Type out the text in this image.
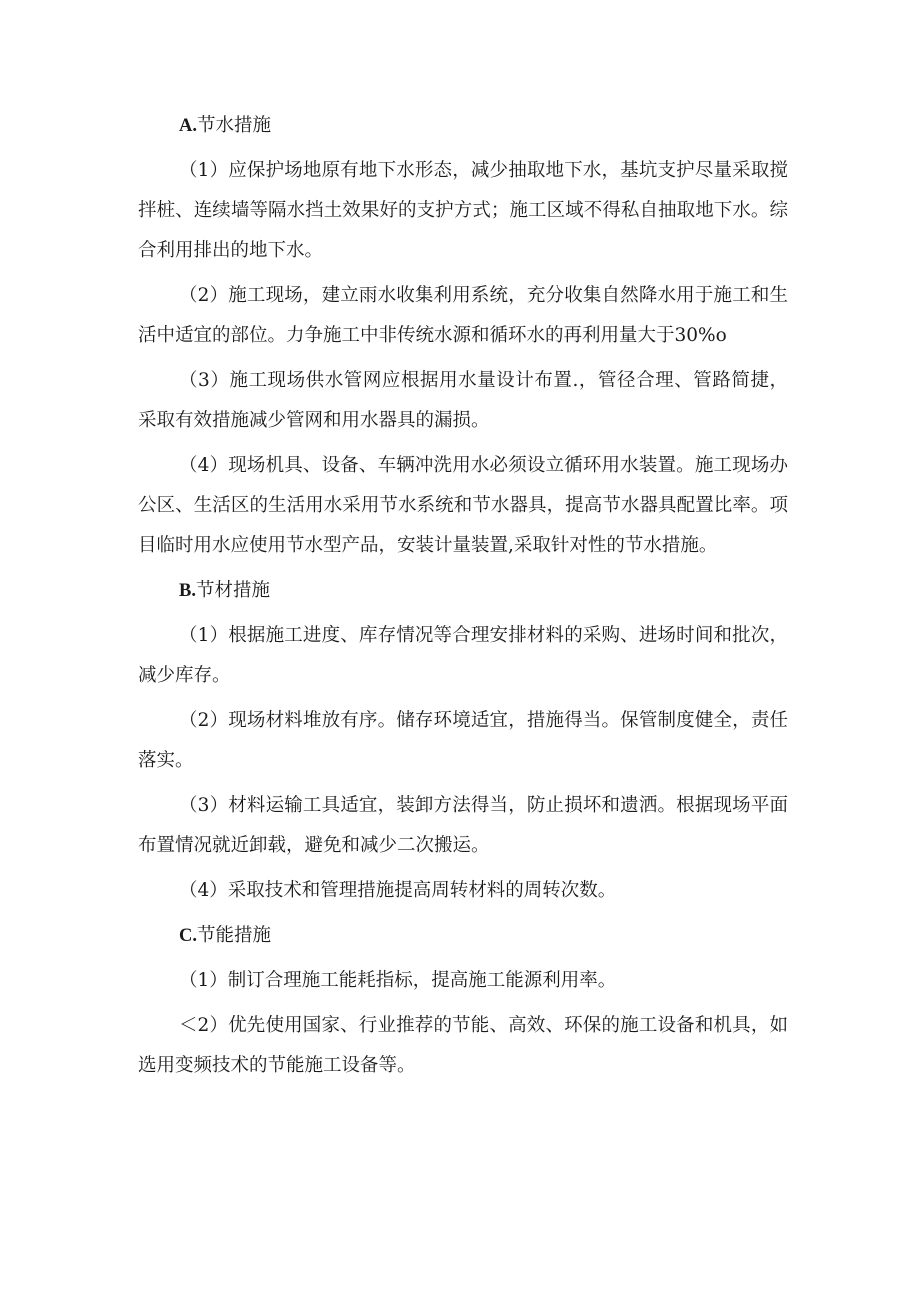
A.节水措施
（1）应保护场地原有地下水形态，减少抽取地下水，基坑支护尽量采取搅拌桩、连续墙等隔水挡土效果好的支护方式；施工区域不得私自抽取地下水。综合利用排出的地下水。
（2）施工现场，建立雨水收集利用系统，充分收集自然降水用于施工和生活中适宜的部位。力争施工中非传统水源和循环水的再利用量大于30%o
（3）施工现场供水管网应根据用水量设计布置.，管径合理、管路简捷，采取有效措施减少管网和用水器具的漏损。
（4）现场机具、设备、车辆冲洗用水必须设立循环用水装置。施工现场办公区、生活区的生活用水采用节水系统和节水器具，提高节水器具配置比率。项目临时用水应使用节水型产品，安装计量装置,采取针对性的节水措施。
B.节材措施
（1）根据施工进度、库存情况等合理安排材料的采购、进场时间和批次，减少库存。
（2）现场材料堆放有序。储存环境适宜，措施得当。保管制度健全，责任落实。
（3）材料运输工具适宜，装卸方法得当，防止损坏和遗洒。根据现场平面布置情况就近卸载，避免和减少二次搬运。
（4）采取技术和管理措施提高周转材料的周转次数。
C.节能措施
（1）制订合理施工能耗指标，提高施工能源利用率。
＜2）优先使用国家、行业推荐的节能、高效、环保的施工设备和机具，如选用变频技术的节能施工设备等。
